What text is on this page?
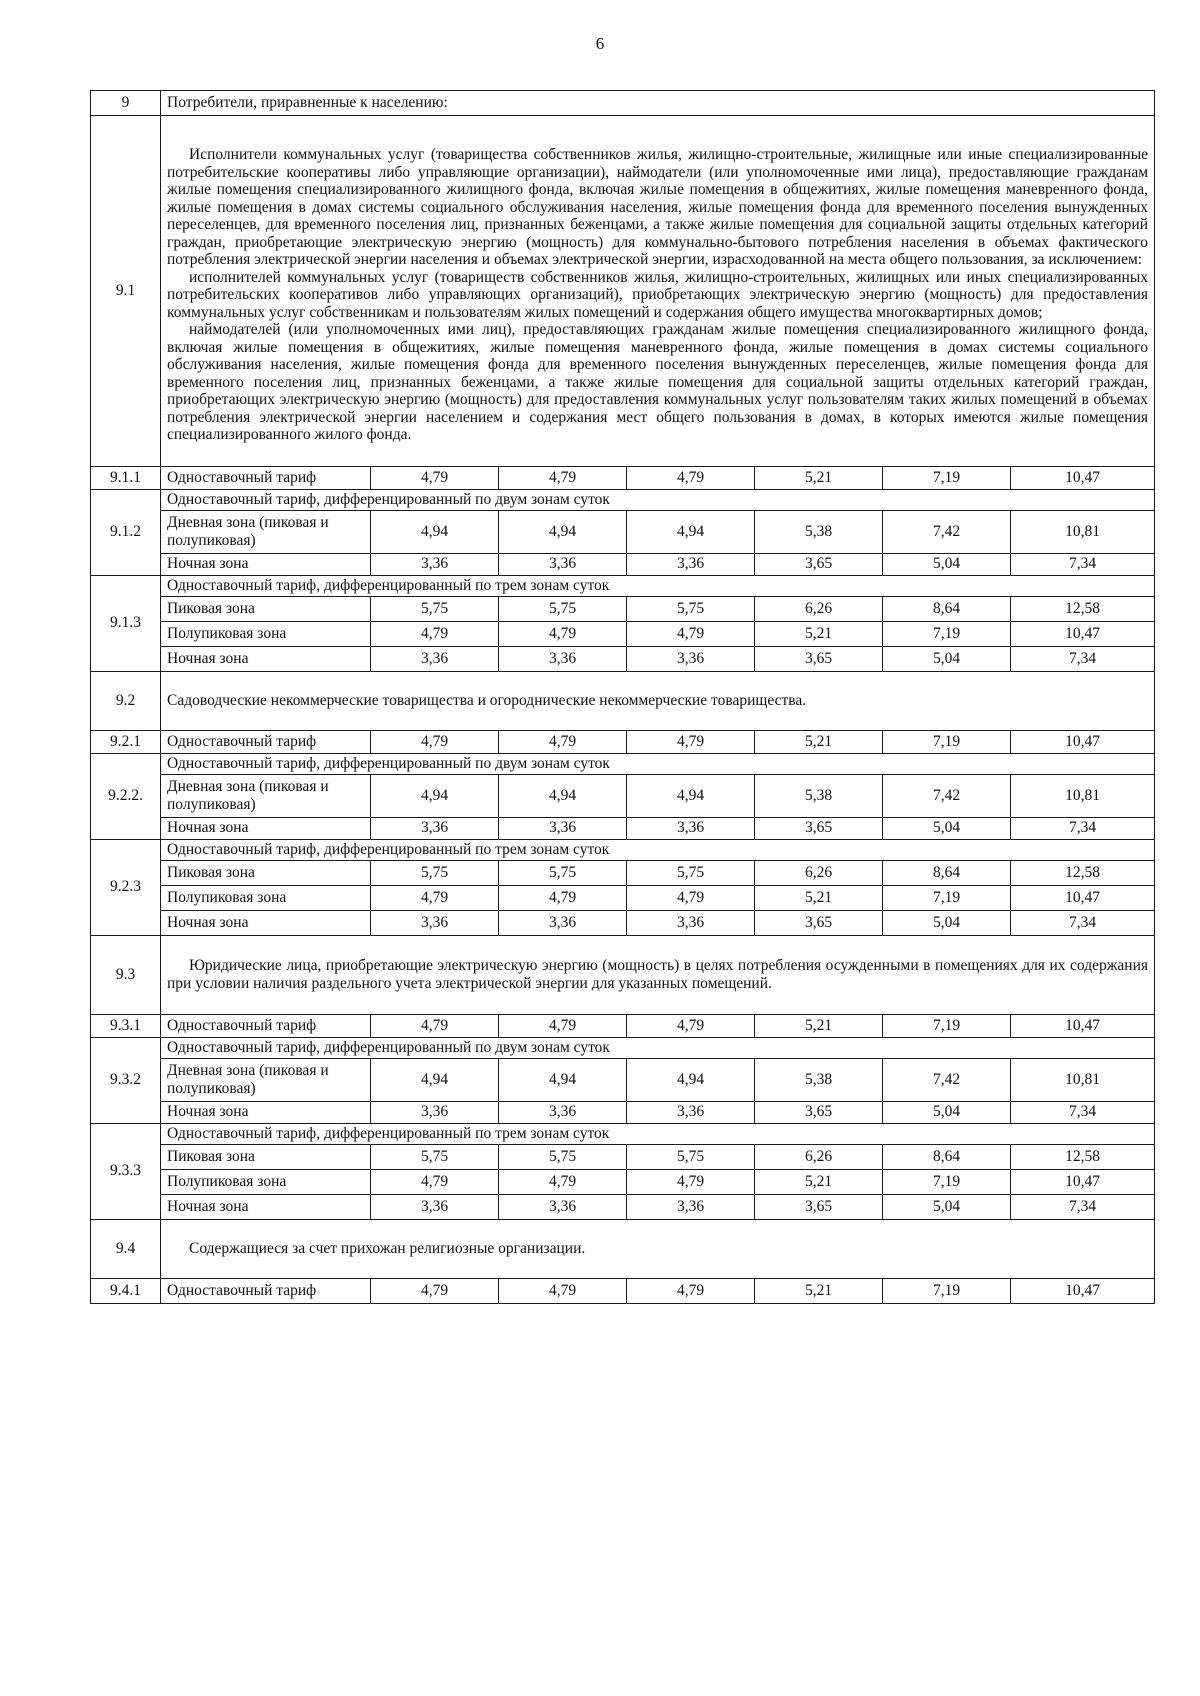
6
9	Потребители, приравненные к населению:						
9.1	Исполнители коммунальных услуг (товарищества собственников жилья, жилищно-строительные, жилищные или иные специализированные потребительские кооперативы либо управляющие организации), наймодатели (или уполномоченные ими лица), предоставляющие гражданам жилые помещения специализированного жилищного фонда, включая жилые помещения в общежитиях, жилые помещения маневренного фонда, жилые помещения в домах системы социального обслуживания населения, жилые помещения фонда для временного поселения вынужденных переселенцев, для временного поселения лиц, признанных беженцами, а также жилые помещения для социальной защиты отдельных категорий граждан, приобретающие электрическую энергию (мощность) для коммунально-бытового потребления населения в объемах фактического потребления электрической энергии населения и объемах электрической энергии, израсходованной на места общего пользования, за исключением:

исполнителей коммунальных услуг (товариществ собственников жилья, жилищно-строительных, жилищных или иных специализированных потребительских кооперативов либо управляющих организаций), приобретающих электрическую энергию (мощность) для предоставления коммунальных услуг собственникам и пользователям жилых помещений и содержания общего имущества многоквартирных домов;

наймодателей (или уполномоченных ими лиц), предоставляющих гражданам жилые помещения специализированного жилищного фонда, включая жилые помещения в общежитиях, жилые помещения маневренного фонда, жилые помещения в домах системы социального обслуживания населения, жилые помещения фонда для временного поселения вынужденных переселенцев, жилые помещения фонда для временного поселения лиц, признанных беженцами, а также жилые помещения для социальной защиты отдельных категорий граждан, приобретающих электрическую энергию (мощность) для предоставления коммунальных услуг пользователям таких жилых помещений в объемах потребления электрической энергии населением и содержания мест общего пользования в домах, в которых имеются жилые помещения специализированного жилого фонда.						

9.1.1	Одноставочный тариф	4,79	4,79	4,79	5,21	7,19	10,47
9.1.2	Одноставочный тариф, дифференцированный по двум зонам суток						
	Дневная зона (пиковая и полупиковая)	4,94	4,94	4,94	5,38	7,42	10,81
	Ночная зона	3,36	3,36	3,36	3,65	5,04	7,34
9.1.3	Одноставочный тариф, дифференцированный по трем зонам суток						
	Пиковая зона	5,75	5,75	5,75	6,26	8,64	12,58
	Полупиковая зона	4,79	4,79	4,79	5,21	7,19	10,47
	Ночная зона	3,36	3,36	3,36	3,65	5,04	7,34
9.2	Садоводческие некоммерческие товарищества и огороднические некоммерческие товарищества.						
9.2.1	Одноставочный тариф	4,79	4,79	4,79	5,21	7,19	10,47
9.2.2.	Одноставочный тариф, дифференцированный по двум зонам суток						
	Дневная зона (пиковая и полупиковая)	4,94	4,94	4,94	5,38	7,42	10,81
	Ночная зона	3,36	3,36	3,36	3,65	5,04	7,34
9.2.3	Одноставочный тариф, дифференцированный по трем зонам суток						
	Пиковая зона	5,75	5,75	5,75	6,26	8,64	12,58
	Полупиковая зона	4,79	4,79	4,79	5,21	7,19	10,47
	Ночная зона	3,36	3,36	3,36	3,65	5,04	7,34
9.3	Юридические лица, приобретающие электрическую энергию (мощность) в целях потребления осужденными в помещениях для их содержания при условии наличия раздельного учета электрической энергии для указанных помещений.						

9.3.1	Одноставочный тариф	4,79	4,79	4,79	5,21	7,19	10,47
9.3.2	Одноставочный тариф, дифференцированный по двум зонам суток						
	Дневная зона (пиковая и полупиковая)	4,94	4,94	4,94	5,38	7,42	10,81
	Ночная зона	3,36	3,36	3,36	3,65	5,04	7,34
9.3.3	Одноставочный тариф, дифференцированный по трем зонам суток						
	Пиковая зона	5,75	5,75	5,75	6,26	8,64	12,58
	Полупиковая зона	4,79	4,79	4,79	5,21	7,19	10,47
	Ночная зона	3,36	3,36	3,36	3,65	5,04	7,34
9.4	Содержащиеся за счет прихожан религиозные организации.						

9.4.1	Одноставочный тариф	4,79	4,79	4,79	5,21	7,19	10,47
